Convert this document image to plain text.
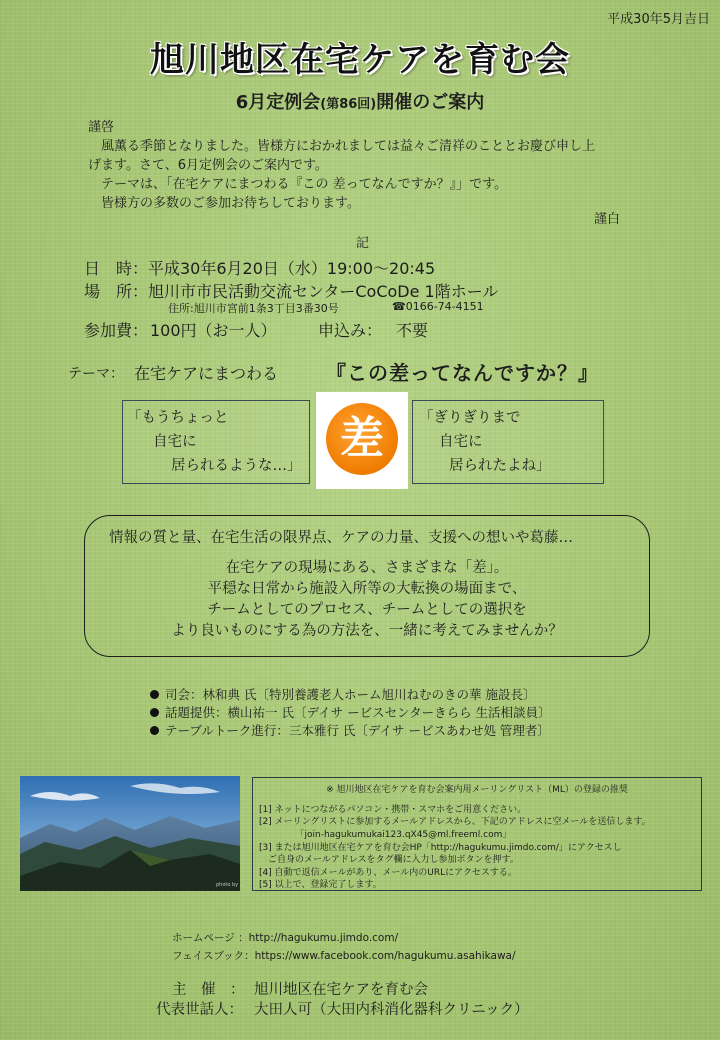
平成30年5月吉日
旭川地区在宅ケアを育む会
6月定例会(第86回)開催のご案内
謹啓

風薫る季節となりました。皆様方におかれましては益々ご清祥のこととお慶び申し上

げます。さて、6月定例会のご案内です。

テーマは、「在宅ケアにまつわる『この 差ってなんですか？』」です。

皆様方の多数のご参加お待ちしております。

謹白
記
日　時： 平成30年6月20日（水）19:00～20:45
場　所： 旭川市市民活動交流センターCoCoDe 1階ホール
住所:旭川市宮前1条3丁目3番30号	☎0166-74-4151
参加費： 100円（お一人）	申込み： 不要
テーマ： 在宅ケアにまつわる 『この差ってなんですか？』
「もうちょっと
自宅に
居られるような…」
差 「ぎりぎりまで
自宅に
居られたよね」
情報の質と量、在宅生活の限界点、ケアの力量、支援への想いや葛藤…
在宅ケアの現場にある、さまざまな「差」。
平穏な日常から施設入所等の大転換の場面まで、
チームとしてのプロセス、チームとしての選択を
より良いものにする為の方法を、一緒に考えてみませんか？
司会：林和典 氏〔特別養護老人ホーム旭川ねむのきの華 施設長〕
話題提供：横山祐一 氏〔デイサ ービスセンターきらら 生活相談員〕
テーブルトーク進行：三本雅行 氏〔デイサ ービスあわせ処 管理者〕
photo by ...
※ 旭川地区在宅ケアを育む会案内用メーリングリスト（ML）の登録の推奨
[1] ネットにつながるパソコン・携帯・スマホをご用意ください。
[2] メーリングリストに参加するメールアドレスから、下記のアドレスに空メールを送信します。
　「join-hagukumukai123.qX45@ml.freeml.com」
[3] または旭川地区在宅ケアを育む会HP「http://hagukumu.jimdo.com/」にアクセスし
　ご自身のメールアドレスをタグ欄に入力し参加ボタンを押す。
[4] 自動で返信メールがあり、メール内のURLにアクセスする。
[5] 以上で、登録完了します。
ホームページ ：http://hagukumu.jimdo.com/
フェイスブック：https://www.facebook.com/hagukumu.asahikawa/
主　催　： 旭川地区在宅ケアを育む会
代表世話人： 大田人可（大田内科消化器科クリニック）
